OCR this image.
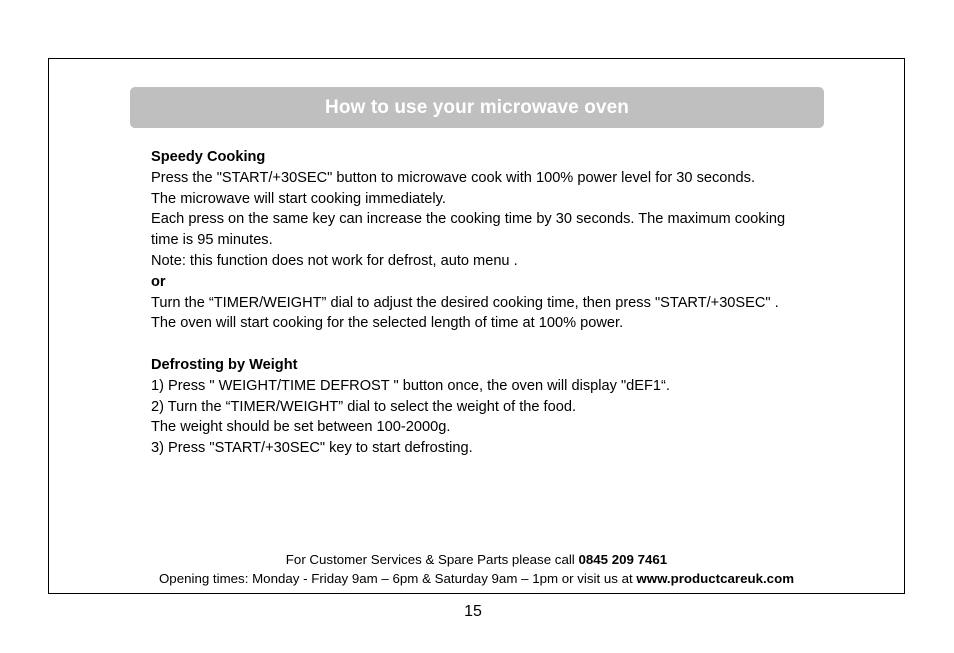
How to use your microwave oven

Speedy Cooking

Press the "START/+30SEC" button to microwave cook with 100% power level for 30 seconds.

The microwave will start cooking immediately.

Each press on the same key can increase the cooking time by 30 seconds. The maximum cooking

time is 95 minutes.

Note: this function does not work for defrost, auto menu .

or

Turn the “TIMER/WEIGHT” dial to adjust the desired cooking time, then press "START/+30SEC" .

The oven will start cooking for the selected length of time at 100% power.

Defrosting by Weight

1) Press " WEIGHT/TIME DEFROST " button once, the oven will display "dEF1“.

2) Turn the “TIMER/WEIGHT” dial to select the weight of the food.

The weight should be set between 100-2000g.

3) Press "START/+30SEC" key to start defrosting.

For Customer Services & Spare Parts please call 0845 209 7461
Opening times: Monday - Friday 9am – 6pm & Saturday 9am – 1pm or visit us at www.productcareuk.com
15
